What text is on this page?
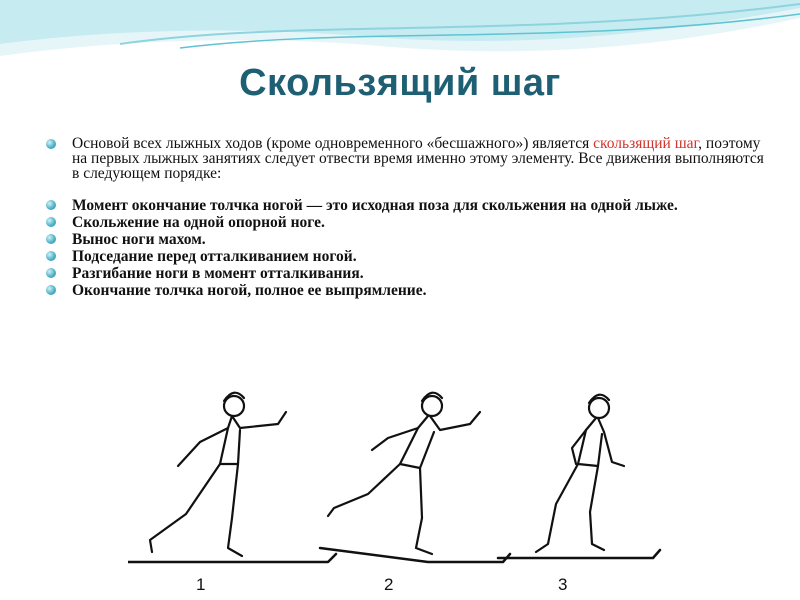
Скользящий шаг
Основой всех лыжных ходов (кроме одновременного «бесшажного») является скользящий шаг, поэтому на первых лыжных занятиях следует отвести время именно этому элементу. Все движения выполняются в следующем порядке:
Момент окончание толчка ногой — это исходная поза для скольжения на одной лыже.
Скольжение на одной опорной ноге.
Вынос ноги махом.
Подседание перед отталкиванием ногой.
Разгибание ноги в момент отталкивания.
Окончание толчка ногой, полное ее выпрямление.
1	2	3
